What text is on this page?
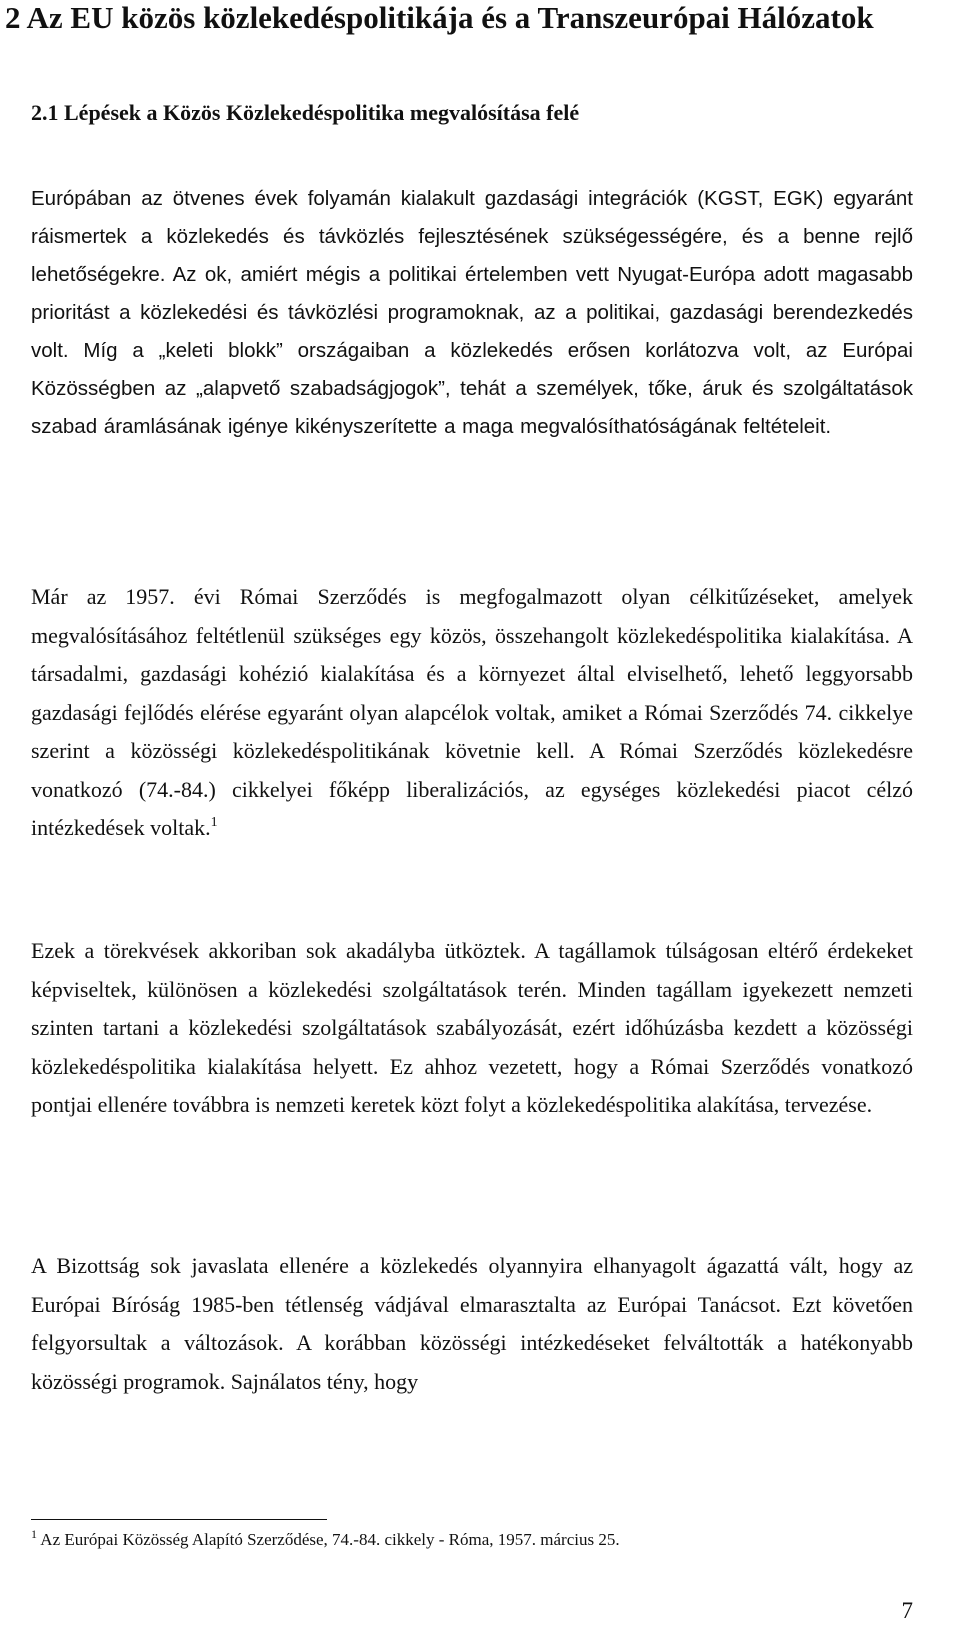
2 Az EU közös közlekedéspolitikája és a Transzeurópai Hálózatok
2.1 Lépések a Közös Közlekedéspolitika megvalósítása felé

Európában az ötvenes évek folyamán kialakult gazdasági integrációk (KGST, EGK) egyaránt ráismertek a közlekedés és távközlés fejlesztésének szükségességére, és a benne rejlő lehetőségekre. Az ok, amiért mégis a politikai értelemben vett Nyugat-Európa adott magasabb prioritást a közlekedési és távközlési programoknak, az a politikai, gazdasági berendezkedés volt. Míg a „keleti blokk” országaiban a közlekedés erősen korlátozva volt, az Európai Közösségben az „alapvető szabadságjogok”, tehát a személyek, tőke, áruk és szolgáltatások szabad áramlásának igénye kikényszerítette a maga megvalósíthatóságának feltételeit.

Már az 1957. évi Római Szerződés is megfogalmazott olyan célkitűzéseket, amelyek megvalósításához feltétlenül szükséges egy közös, összehangolt közlekedéspolitika kialakítása. A társadalmi, gazdasági kohézió kialakítása és a környezet által elviselhető, lehető leggyorsabb gazdasági fejlődés elérése egyaránt olyan alapcélok voltak, amiket a Római Szerződés 74. cikkelye szerint a közösségi közlekedéspolitikának követnie kell. A Római Szerződés közlekedésre vonatkozó (74.-84.) cikkelyei főképp liberalizációs, az egységes közlekedési piacot célzó intézkedések voltak.$^1$

Ezek a törekvések akkoriban sok akadályba ütköztek. A tagállamok túlságosan eltérő érdekeket képviseltek, különösen a közlekedési szolgáltatások terén. Minden tagállam igyekezett nemzeti szinten tartani a közlekedési szolgáltatások szabályozását, ezért időhúzásba kezdett a közösségi közlekedéspolitika kialakítása helyett. Ez ahhoz vezetett, hogy a Római Szerződés vonatkozó pontjai ellenére továbbra is nemzeti keretek közt folyt a közlekedéspolitika alakítása, tervezése.

A Bizottság sok javaslata ellenére a közlekedés olyannyira elhanyagolt ágazattá vált, hogy az Európai Bíróság 1985-ben tétlenség vádjával elmarasztalta az Európai Tanácsot. Ezt követően felgyorsultak a változások. A korábban közösségi intézkedéseket felváltották a hatékonyabb közösségi programok. Sajnálatos tény, hogy

$^1$ Az Európai Közösség Alapító Szerződése, 74.-84. cikkely - Róma, 1957. március 25.

7
